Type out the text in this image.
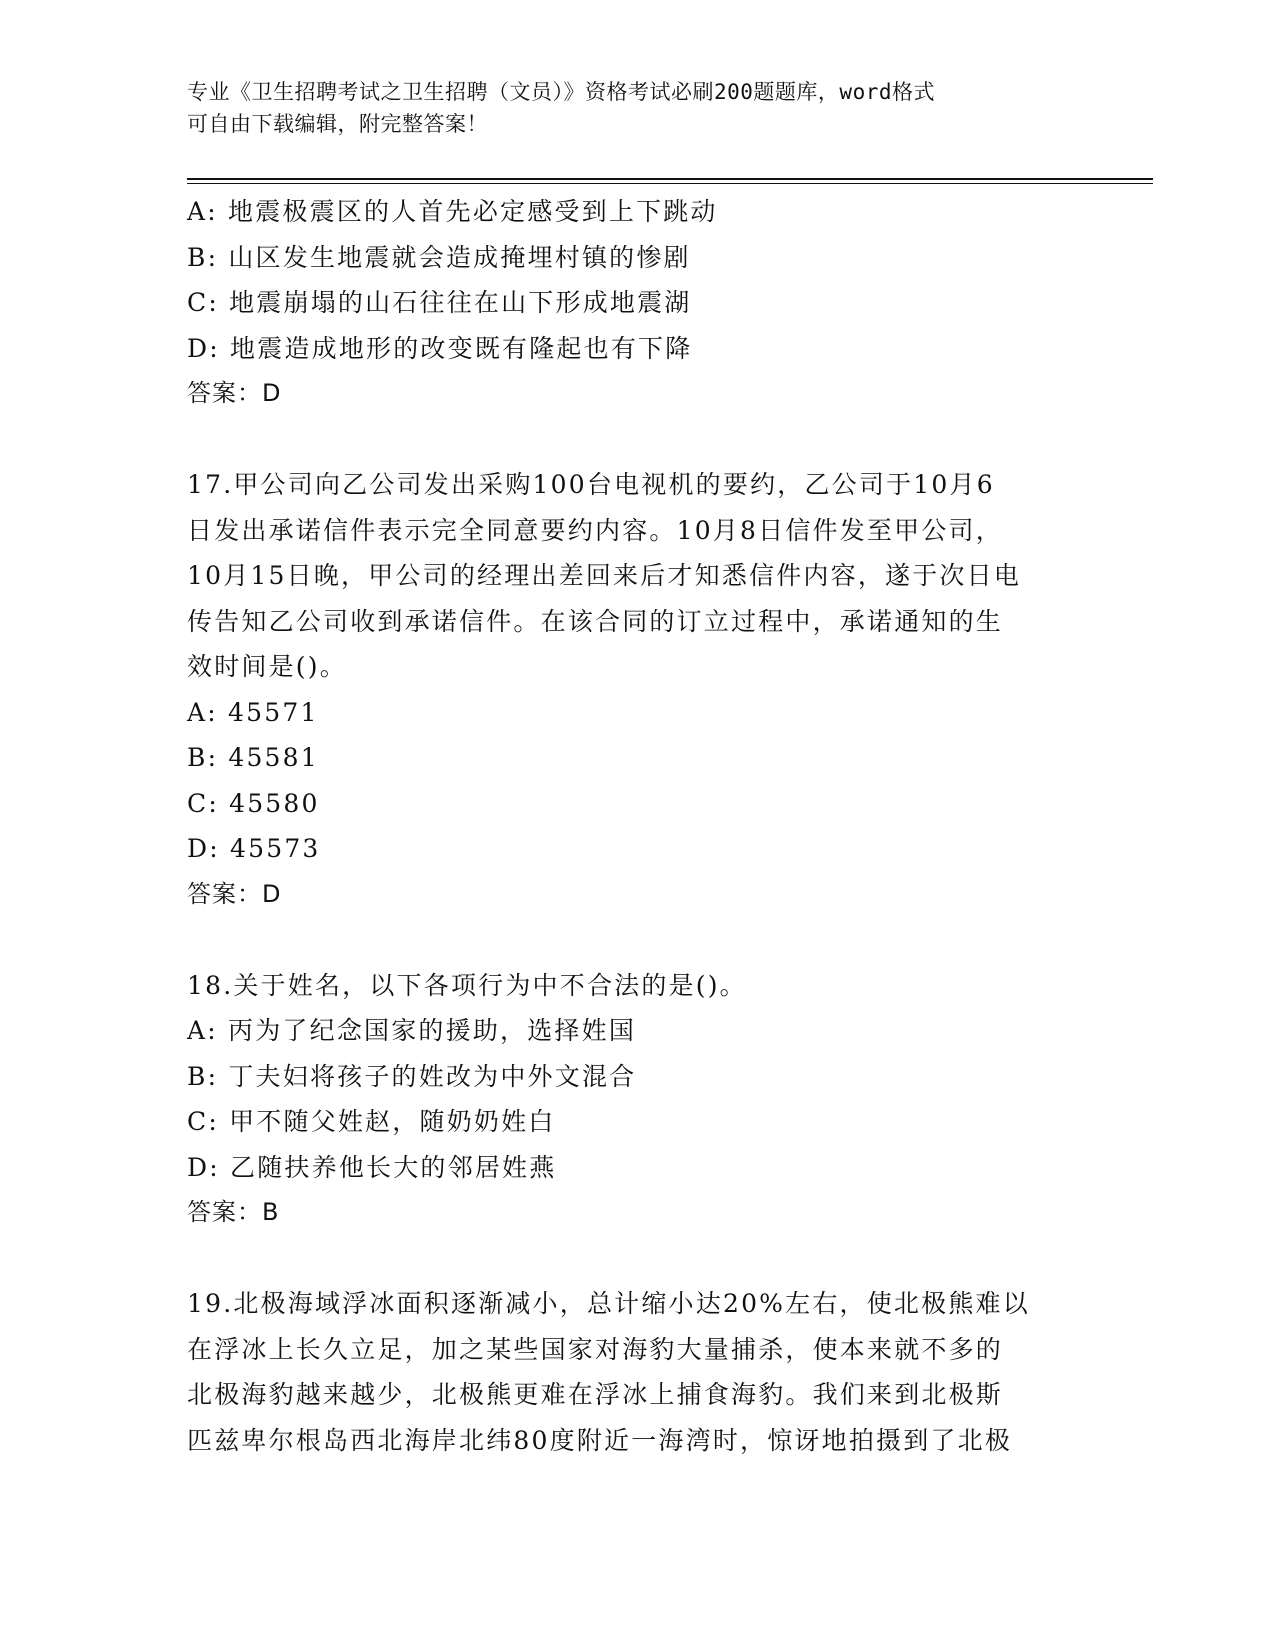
专业《卫生招聘考试之卫生招聘（文员）》资格考试必刷200题题库，word格式
可自由下载编辑，附完整答案！
A: 地震极震区的人首先必定感受到上下跳动
B: 山区发生地震就会造成掩埋村镇的惨剧
C: 地震崩塌的山石往往在山下形成地震湖
D: 地震造成地形的改变既有隆起也有下降
答案：D
17.甲公司向乙公司发出采购100台电视机的要约，乙公司于10月6
日发出承诺信件表示完全同意要约内容。10月8日信件发至甲公司，
10月15日晚，甲公司的经理出差回来后才知悉信件内容，遂于次日电
传告知乙公司收到承诺信件。在该合同的订立过程中，承诺通知的生
效时间是()。
A: 45571
B: 45581
C: 45580
D: 45573
答案：D
18.关于姓名，以下各项行为中不合法的是()。
A: 丙为了纪念国家的援助，选择姓国
B: 丁夫妇将孩子的姓改为中外文混合
C: 甲不随父姓赵，随奶奶姓白
D: 乙随扶养他长大的邻居姓燕
答案：B
19.北极海域浮冰面积逐渐减小，总计缩小达20%左右，使北极熊难以
在浮冰上长久立足，加之某些国家对海豹大量捕杀，使本来就不多的
北极海豹越来越少，北极熊更难在浮冰上捕食海豹。我们来到北极斯
匹兹卑尔根岛西北海岸北纬80度附近一海湾时，惊讶地拍摄到了北极
